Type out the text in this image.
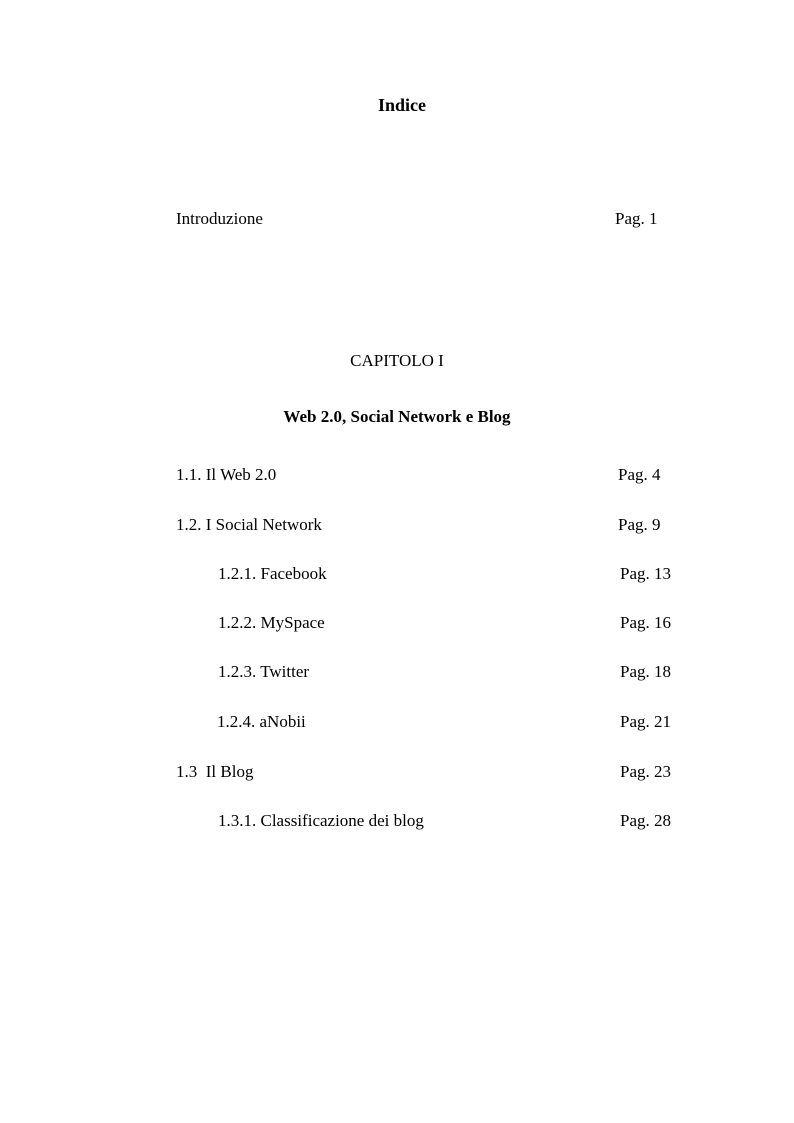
Indice
Introduzione	Pag. 1
CAPITOLO I
Web 2.0, Social Network e Blog
1.1. Il Web 2.0	Pag. 4
1.2. I Social Network	Pag. 9
1.2.1. Facebook	Pag. 13
1.2.2. MySpace	Pag. 16
1.2.3. Twitter	Pag. 18
1.2.4. aNobii	Pag. 21
1.3  Il Blog	Pag. 23
1.3.1. Classificazione dei blog	Pag. 28
